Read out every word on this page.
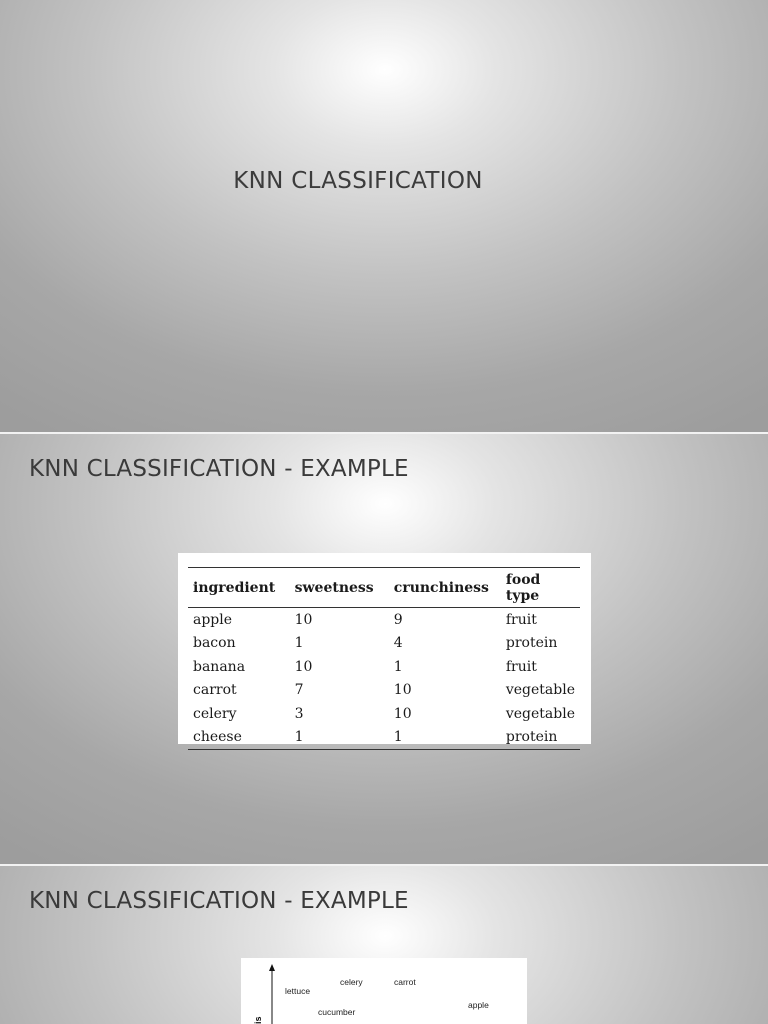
KNN CLASSIFICATION
KNN CLASSIFICATION - EXAMPLE
ingredient	sweetness	crunchiness	food type
apple	10	9	fruit
bacon	1	4	protein
banana	10	1	fruit
carrot	7	10	vegetable
celery	3	10	vegetable
cheese	1	1	protein
KNN CLASSIFICATION - EXAMPLE
is
lettuce
celery	carrot
apple
cucumber
